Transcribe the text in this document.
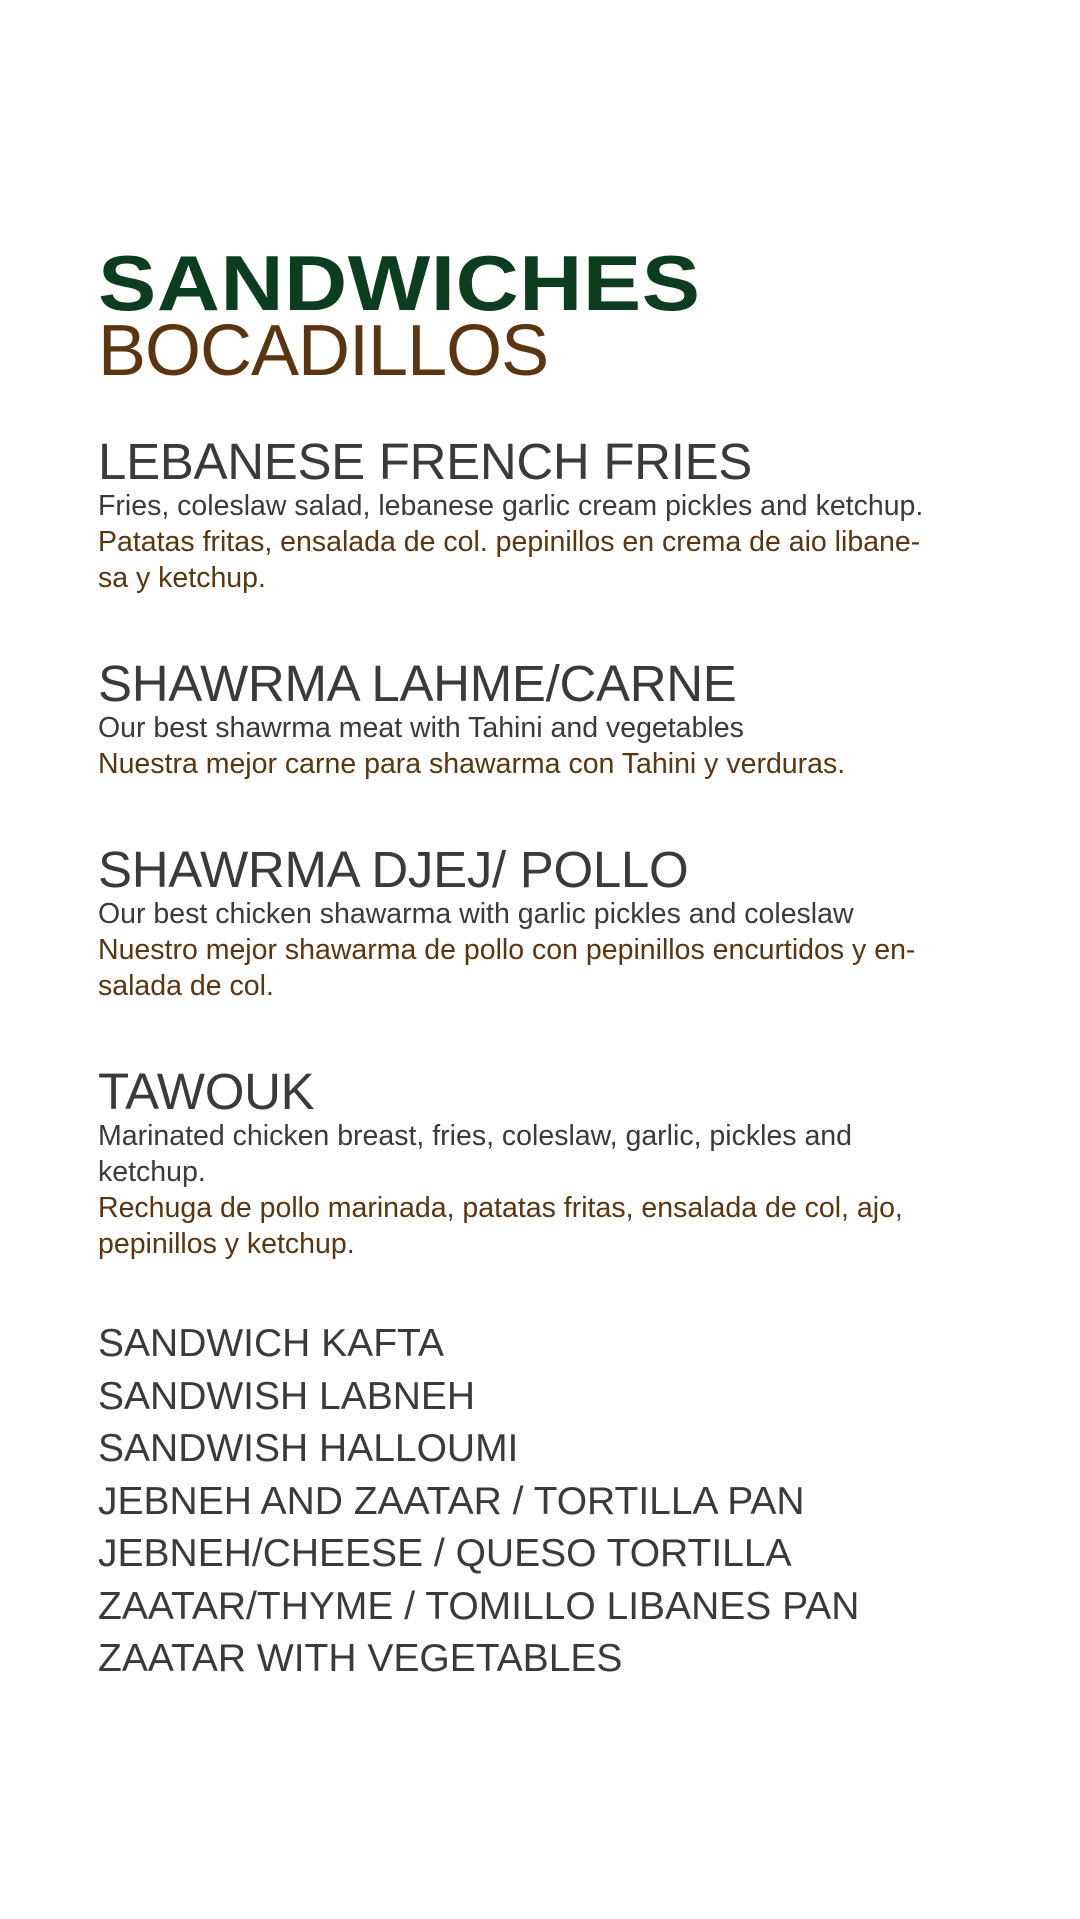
SANDWICHES
BOCADILLOS
LEBANESE FRENCH FRIES
Fries, coleslaw salad, lebanese garlic cream pickles and ketchup.
Patatas fritas, ensalada de col. pepinillos en crema de aio libane-
sa y ketchup.
SHAWRMA LAHME/CARNE
Our best shawrma meat with Tahini and vegetables
Nuestra mejor carne para shawarma con Tahini y verduras.
SHAWRMA DJEJ/ POLLO
Our best chicken shawarma with garlic pickles and coleslaw
Nuestro mejor shawarma de pollo con pepinillos encurtidos y en-
salada de col.
TAWOUK
Marinated chicken breast, fries, coleslaw, garlic, pickles and ketchup.
Rechuga de pollo marinada, patatas fritas, ensalada de col, ajo, pepinillos y ketchup.
SANDWICH KAFTA
SANDWISH LABNEH
SANDWISH HALLOUMI
JEBNEH AND ZAATAR / TORTILLA PAN
JEBNEH/CHEESE / QUESO TORTILLA
ZAATAR/THYME / TOMILLO LIBANES PAN
ZAATAR WITH VEGETABLES
